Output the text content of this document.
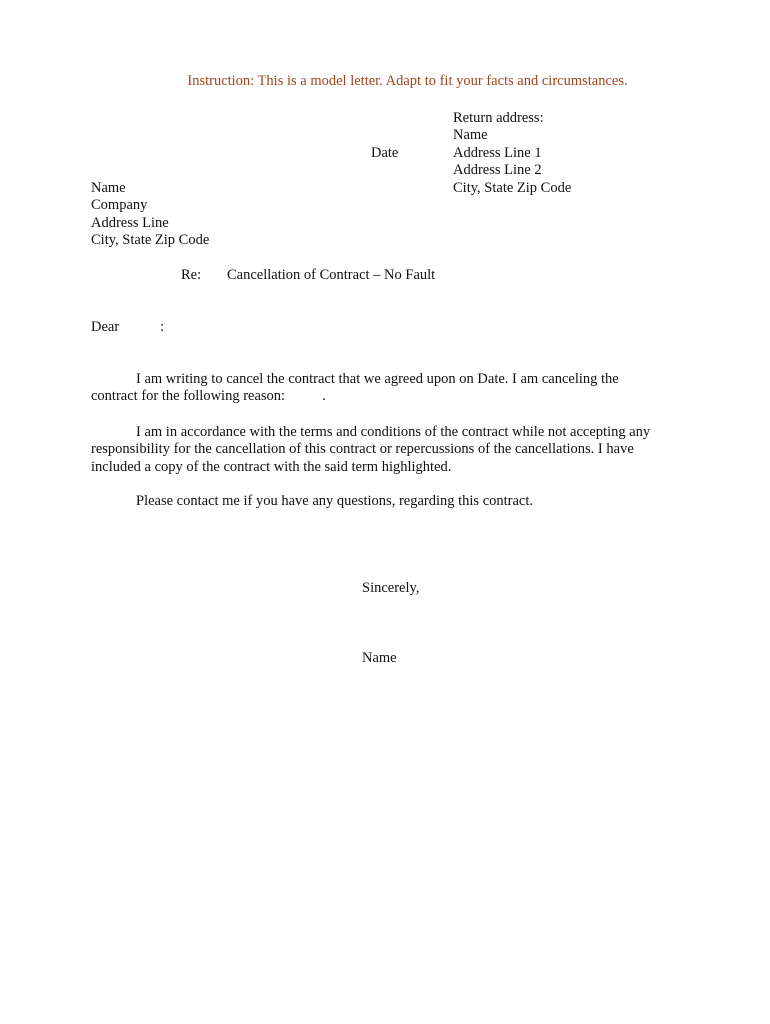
Instruction: This is a model letter. Adapt to fit your facts and circumstances.
Return address:
Name
Address Line 1
Address Line 2
City, State Zip Code
Date
Name
Company
Address Line
City, State Zip Code
Re: Cancellation of Contract – No Fault
Dear	:
I am writing to cancel the contract that we agreed upon on Date. I am canceling the
contract for the following reason:	.
I am in accordance with the terms and conditions of the contract while not accepting any
responsibility for the cancellation of this contract or repercussions of the cancellations. I have
included a copy of the contract with the said term highlighted.
Please contact me if you have any questions, regarding this contract.
Sincerely,
Name
